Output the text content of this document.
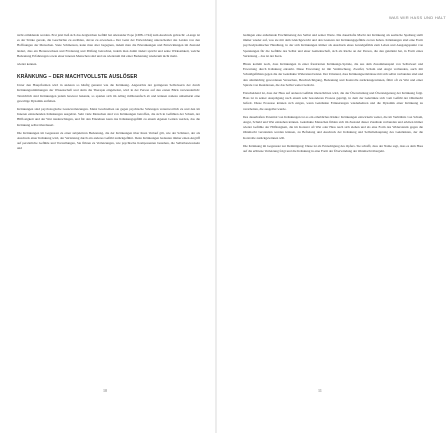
nicht ermüdende werden. Erst jetzt ließ sich das dergleichen Gefühl bei Alexander Pope (1688–1744) zum Ausdruck gebracht: »Lange ist es der Stärke gerade, die Geschichte zu erzählen, davon zu erwecken.« Der Geist der Entwicklung unterscheidet das Leiden von den Hoffnungen der Menschen. Stete Schmerzen, kann man aber begegnen, indem man die Erkrankungen und Entwicklungen im Zustand ändert, dies ein Heranwachsen und Förderung und Prüfung betrachtet, indem man damit ändert spricht und seine Wirksamkeit, welche Bedeutung Erfahrungen sowie einer inneren Menschen sind und sie wiederum mit einer Bedeutung wiederum nicht mehr.

wieder kennen.

KRÄNKUNG – DER MACHTVOLLSTE AUSLÖSER

Unter den Hauptformen wird in anderen so häufig genannt wie die Kränkung. Angesichts der geringeren Selbstwerts der durch Kränkungsstimmungen der Wissenschaft und darin die Therapie eingebettet, wird in der Person auf den ersten Blick verwunderlich: Tatsächlich sind Kränkungen jedem bewusst bekannt, so spielen sich im Alltag millionenfach ab und können nahezu unbemerkt eine gewaltige Dynamik entfalten.

Kränkungen sind psychologische Grenzverletzungen. Meist beschreiben sie gegen psychische Störungen verantwortlich zu und den im Inneren entstehenden Kränkungen ausgelöst. Sehr viele Menschen sind von Kränkungen betroffen, die sich in Gefühlen der Scham, der Hilflosigkeit und der Wut niederschlagen, und für den Einzelnen kann das Kränkungsgefühl zu einem eigenen Leiden werden, das die Kränkung selbst überdauert.

Die Kränkungen im Gegensatz zu einer subjektiven Bedeutung, die der Kränkungen über ihren Verlauf gilt, wie der Schmerz, der als Ausdruck einer Kränkung wird, der Verletzung durch ein anderes Gefühl zurückgeführt. Denn Kränkungen bedeuten immer einen Angriff auf persönliche Gefühle und Vorstellungen, Sie führen zu Verletzungen, wie psychische Komponenten bestehen, die Selbstbewusstsein und

10
WAS WIR HASS UND HÄLT

bedingen eine anhaltende Erschütterung des Selbst und seiner Werte. Die dauerhafte Macht der Kränkung als seelische Spaltung stellt immer wieder auf, was sie mit dem Gleichgewicht und den Grenzen der Kränkungsgefühle zu tun haben. Kränkungen sind eine Form psychodynamischer Handlung, in der sich Kränkungen immer als Ausdruck eines Grundgefühls zum Leben und Ausgangspunkt von Spannungen für die Gefühle des Selbst und einer Gemeinschaft, sich als Rache an der Person, die den gekränkt hat, in Form eines Verletzung – das ist der Kern.

Hinzu kommt noch, dass Kränkungen in einer frustrierten Kränkungs-Spirale, die aus dem Zusammenspiel von Selbstwert und Erwartung durch Kränkung entsteht. Diese Erwartung ist mit Vermischung, Zweifel, Scham und Angst verbunden, auch mit Schuldgefühlen gegen die der Gekränkte Widerstand leistet. Der Umstand, dass Kränkungserlebnisse mit sich selbst verbunden sind und den ohnmächtig gewordenen Versuchen, Beschwichtigung, Bedeutung und Kontrolle zurückzugewinnen, führt oft zu Wut und einer Spirale von Reaktionen, die das Selbst weiter bedroht.

Entscheidend ist, dass der Hass auf anderen Gefühle überschritten wird, die der Überwindung und Übersteigerung der Kränkung folgt. Hass ist in seiner Ausprägung nach einem sehr besonderen Prozess geprägt, in dem der Gekränkte sich vom Gefühl der Ohnmacht befreit. Diese Prozesse können sich zeigen, wenn Gekränkte Erinnerungen wiederkehren und die Dynamik einer Kränkung zu verarbeiten, die ausgelöst wurde.

Des dauerhaften Potential von Kränkungen ist es ein erhebliches Risiko: Kränkungen entwickeln weiter, die im Verhältnis von Scham, Angst, Schuld und Wut entstehen können. Gekränkte Menschen fühlen sich im Zustand dieser Zustände verbunden und erleben immer wieder Gefühle der Hilflosigkeit, die im Kontext oft Wut oder Hass nach sich ziehen und als eine Form des Widerstands gegen die Ohnmacht verstanden werden können, zu Befreiung und Ausdruck der Kränkung und Selbstbehauptung des Gekränkten, der die Kontrolle zurückgewinnen will.

Die Kränkung im Gegensatz zur Demütigung: Diese ist als Erniedrigung des Opfers. Sie schafft, dass der Name sagt, dass es dem Hass auf die erlittene Verletzung folgt und die Kränkung in eine Form der Überwindung der Ohnmacht übergeht.

11
